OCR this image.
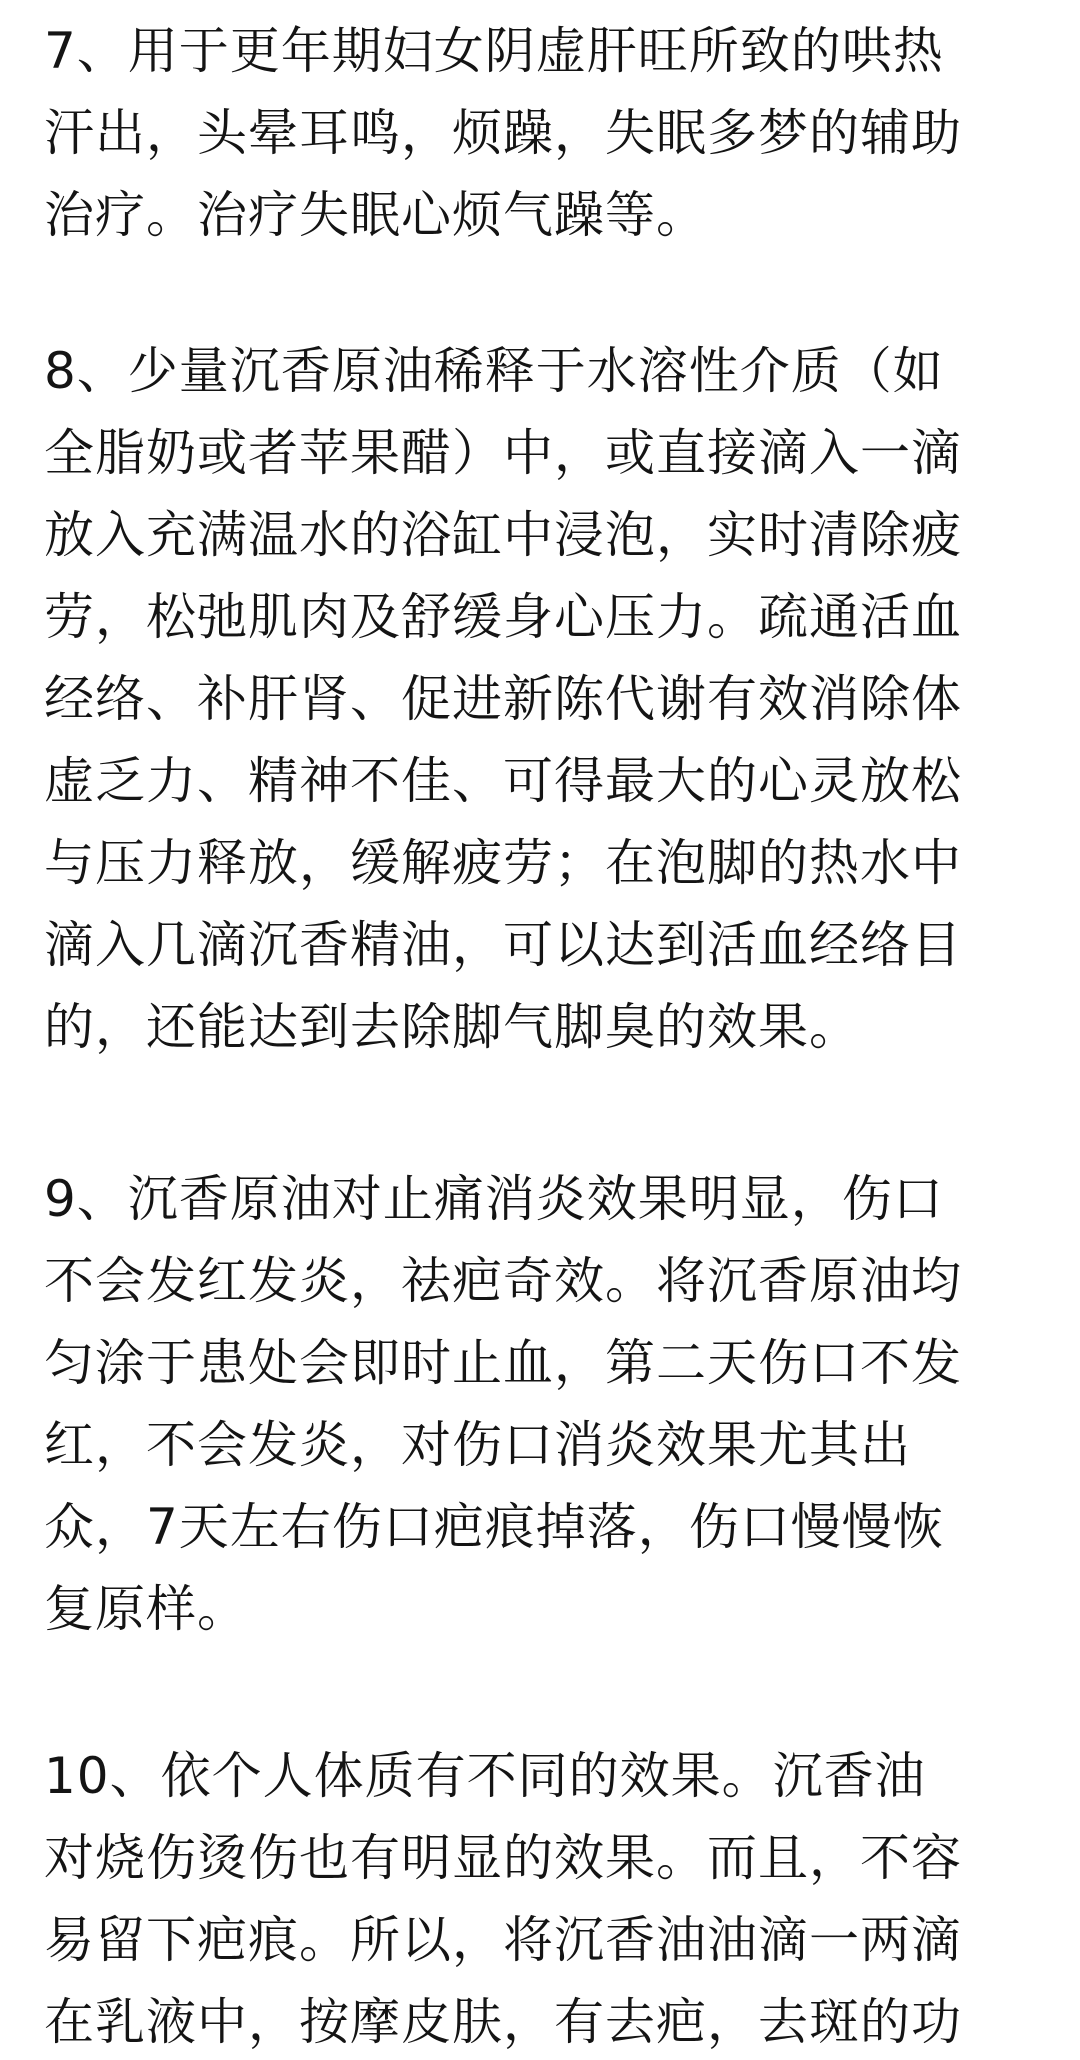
7、用于更年期妇女阴虚肝旺所致的哄热
汗出，头晕耳鸣，烦躁，失眠多梦的辅助
治疗。治疗失眠心烦气躁等。
8、少量沉香原油稀释于水溶性介质（如
全脂奶或者苹果醋）中，或直接滴入一滴
放入充满温水的浴缸中浸泡，实时清除疲
劳，松弛肌肉及舒缓身心压力。疏通活血
经络、补肝肾、促进新陈代谢有效消除体
虚乏力、精神不佳、可得最大的心灵放松
与压力释放，缓解疲劳；在泡脚的热水中
滴入几滴沉香精油，可以达到活血经络目
的，还能达到去除脚气脚臭的效果。
9、沉香原油对止痛消炎效果明显，伤口
不会发红发炎，祛疤奇效。将沉香原油均
匀涂于患处会即时止血，第二天伤口不发
红，不会发炎，对伤口消炎效果尤其出
众，7天左右伤口疤痕掉落，伤口慢慢恢
复原样。
10、依个人体质有不同的效果。沉香油
对烧伤烫伤也有明显的效果。而且，不容
易留下疤痕。所以，将沉香油油滴一两滴
在乳液中，按摩皮肤，有去疤，去斑的功
